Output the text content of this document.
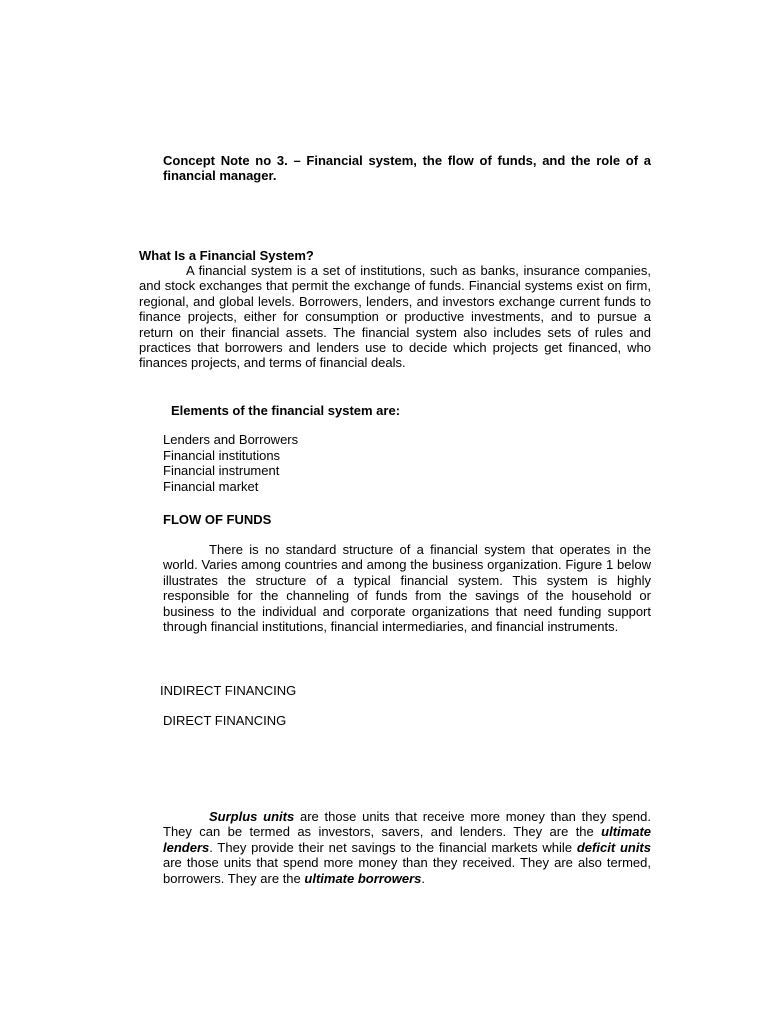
Concept Note no 3. – Financial system, the flow of funds, and the role of a financial manager.
What Is a Financial System?
A financial system is a set of institutions, such as banks, insurance companies, and stock exchanges that permit the exchange of funds. Financial systems exist on firm, regional, and global levels. Borrowers, lenders, and investors exchange current funds to finance projects, either for consumption or productive investments, and to pursue a return on their financial assets. The financial system also includes sets of rules and practices that borrowers and lenders use to decide which projects get financed, who finances projects, and terms of financial deals.
Elements of the financial system are:
Lenders and Borrowers
Financial institutions
Financial instrument
Financial market
FLOW OF FUNDS
There is no standard structure of a financial system that operates in the world. Varies among countries and among the business organization. Figure 1 below illustrates the structure of a typical financial system. This system is highly responsible for the channeling of funds from the savings of the household or business to the individual and corporate organizations that need funding support through financial institutions, financial intermediaries, and financial instruments.
INDIRECT FINANCING
DIRECT FINANCING
Surplus units are those units that receive more money than they spend. They can be termed as investors, savers, and lenders. They are the ultimate lenders. They provide their net savings to the financial markets while deficit units are those units that spend more money than they received. They are also termed, borrowers. They are the ultimate borrowers.
